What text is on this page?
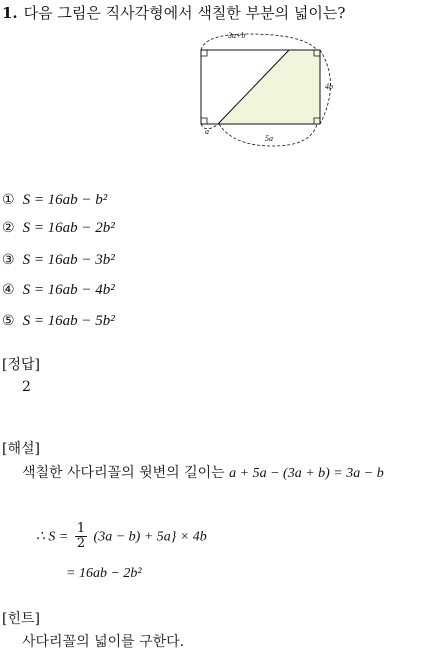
1. 다음 그림은 직사각형에서 색칠한 부분의 넓이는?
3a+b
4b
5a
a
① S = 16ab − b²
② S = 16ab − 2b²
③ S = 16ab − 3b²
④ S = 16ab − 4b²
⑤ S = 16ab − 5b²
[정답]
2
[해설]
색칠한 사다리꼴의 윗변의 길이는 a + 5a − (3a + b) = 3a − b
∴ $S = \frac{1}{2} (3a - b) + 5a\} \times 4b$
= 16ab − 2b²
[힌트]
사다리꼴의 넓이를 구한다.
